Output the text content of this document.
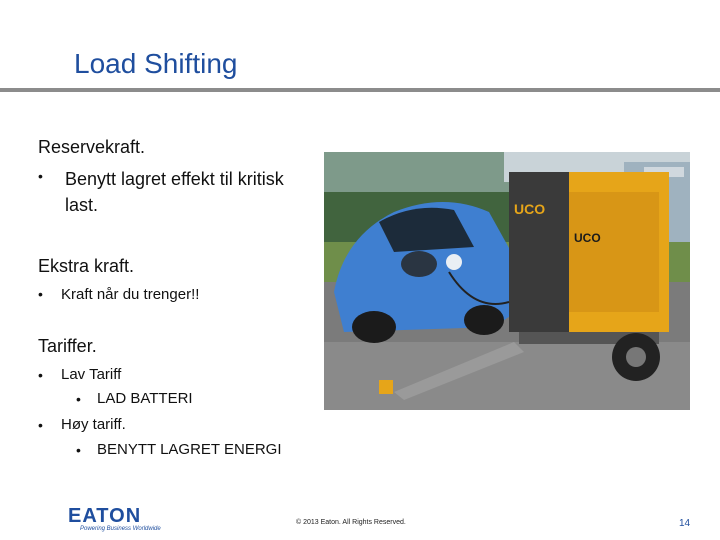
Load Shifting
Reservekraft.
• Benytt lagret effekt til kritisk last.
Ekstra kraft.
• Kraft når du trenger!!
Tariffer.
• Lav Tariff
• LAD BATTERI
• Høy tariff.
• BENYTT LAGRET ENERGI
UCO
UCO
EATON
Powering Business Worldwide
© 2013 Eaton. All Rights Reserved.	14
